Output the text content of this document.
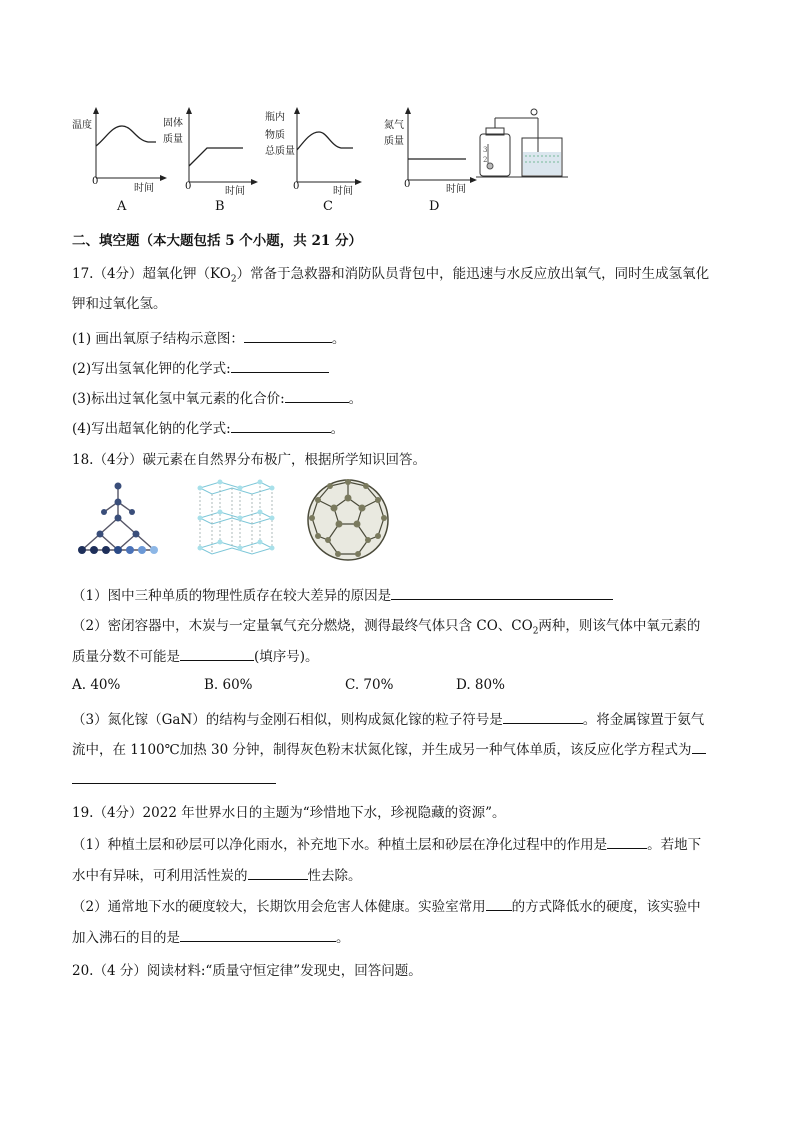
温度
0
时间
A
固体
质量
0	时间
B
瓶内
物质
总质量
0	时间
C
氮气
质量
0	时间
D
3
2
二、填空题（本大题包括 5 个小题，共 21 分）
17.（4分）超氧化钾$(KO_2)$常备于急救器和消防队员背包中，能迅速与水反应放出氧气，同时生成氢氧化
钾和过氧化氢。
(1) 画出氧原子结构示意图：	。
(2)写出氢氧化钾的化学式:
(3)标出过氧化氢中氧元素的化合价:	。
(4)写出超氧化钠的化学式:	。
18.（4分）碳元素在自然界分布极广，根据所学知识回答。
（1）图中三种单质的物理性质存在较大差异的原因是
（2）密闭容器中，木炭与一定量氧气充分燃烧，测得最终气体只含 CO、$CO_2$两种，则该气体中氧元素的
质量分数不可能是	(填序号)。
A. 40%	B. 60%	C. 70%	D. 80%
（3）氮化镓（GaN）的结构与金刚石相似，则构成氮化镓的粒子符号是	。将金属镓置于氨气
流中，在 1100℃加热 30 分钟，制得灰色粉末状氮化镓，并生成另一种气体单质，该反应化学方程式为
19.（4分）2022 年世界水日的主题为“珍惜地下水，珍视隐藏的资源”。
（1）种植土层和砂层可以净化雨水，补充地下水。种植土层和砂层在净化过程中的作用是	。若地下
水中有异味，可利用活性炭的	性去除。
（2）通常地下水的硬度较大，长期饮用会危害人体健康。实验室常用 的方式降低水的硬度，该实验中
加入沸石的目的是	。
20.（4 分）阅读材料:“质量守恒定律”发现史，回答问题。
